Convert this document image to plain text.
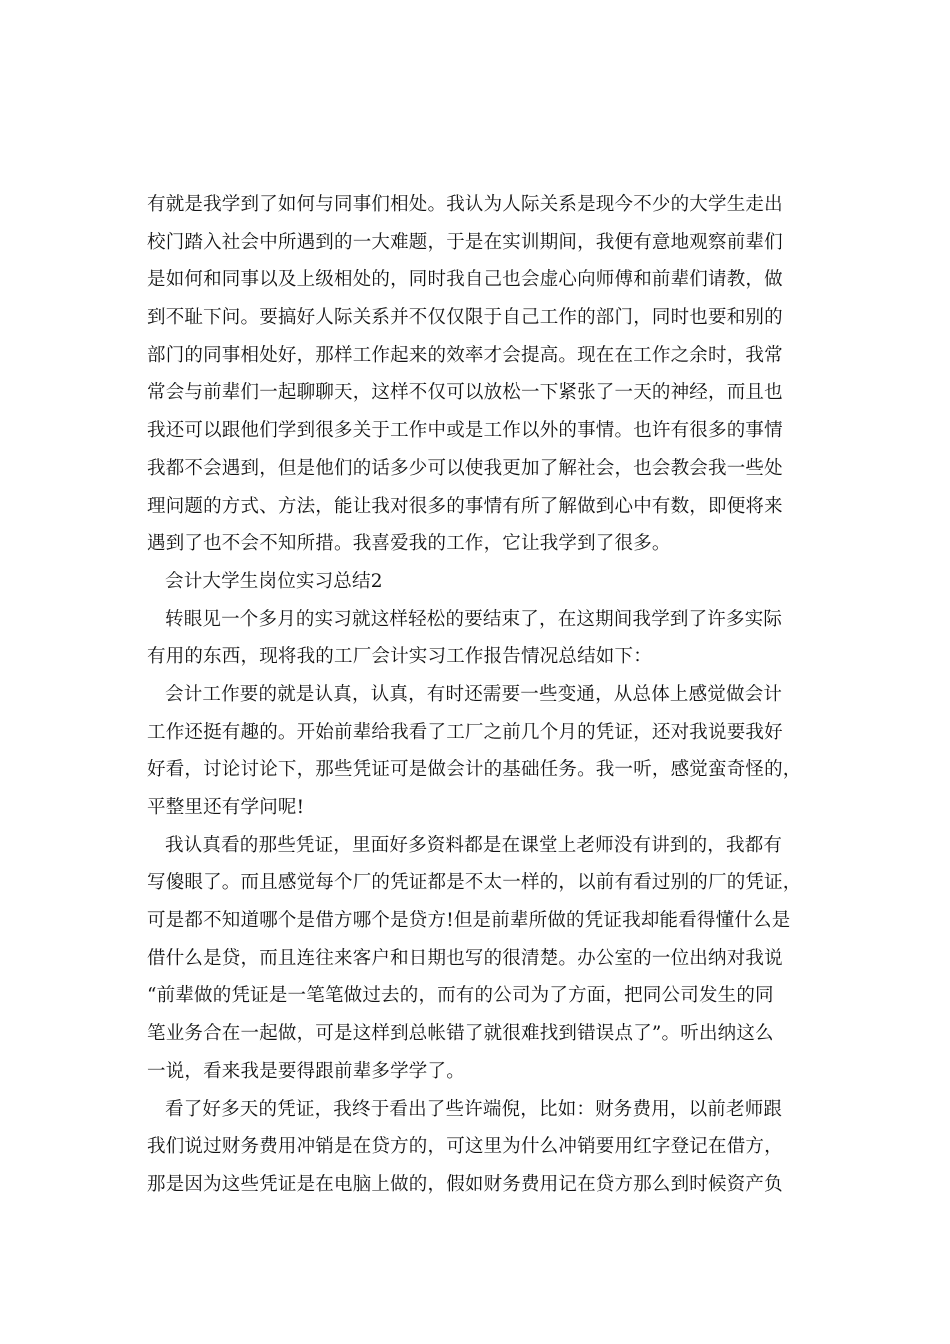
有就是我学到了如何与同事们相处。我认为人际关系是现今不少的大学生走出
校门踏入社会中所遇到的一大难题，于是在实训期间，我便有意地观察前辈们
是如何和同事以及上级相处的，同时我自己也会虚心向师傅和前辈们请教，做
到不耻下问。要搞好人际关系并不仅仅限于自己工作的部门，同时也要和别的
部门的同事相处好，那样工作起来的效率才会提高。现在在工作之余时，我常
常会与前辈们一起聊聊天，这样不仅可以放松一下紧张了一天的神经，而且也
我还可以跟他们学到很多关于工作中或是工作以外的事情。也许有很多的事情
我都不会遇到，但是他们的话多少可以使我更加了解社会，也会教会我一些处
理问题的方式、方法，能让我对很多的事情有所了解做到心中有数，即便将来
遇到了也不会不知所措。我喜爱我的工作，它让我学到了很多。
会计大学生岗位实习总结2
转眼见一个多月的实习就这样轻松的要结束了，在这期间我学到了许多实际
有用的东西，现将我的工厂会计实习工作报告情况总结如下：
会计工作要的就是认真，认真，有时还需要一些变通，从总体上感觉做会计
工作还挺有趣的。开始前辈给我看了工厂之前几个月的凭证，还对我说要我好
好看，讨论讨论下，那些凭证可是做会计的基础任务。我一听，感觉蛮奇怪的，
平整里还有学问呢!
我认真看的那些凭证，里面好多资料都是在课堂上老师没有讲到的，我都有
写傻眼了。而且感觉每个厂的凭证都是不太一样的，以前有看过别的厂的凭证，
可是都不知道哪个是借方哪个是贷方!但是前辈所做的凭证我却能看得懂什么是
借什么是贷，而且连往来客户和日期也写的很清楚。办公室的一位出纳对我说
“前辈做的凭证是一笔笔做过去的，而有的公司为了方面，把同公司发生的同
笔业务合在一起做，可是这样到总帐错了就很难找到错误点了”。听出纳这么
一说，看来我是要得跟前辈多学学了。
看了好多天的凭证，我终于看出了些许端倪，比如：财务费用，以前老师跟
我们说过财务费用冲销是在贷方的，可这里为什么冲销要用红字登记在借方，
那是因为这些凭证是在电脑上做的，假如财务费用记在贷方那么到时候资产负
